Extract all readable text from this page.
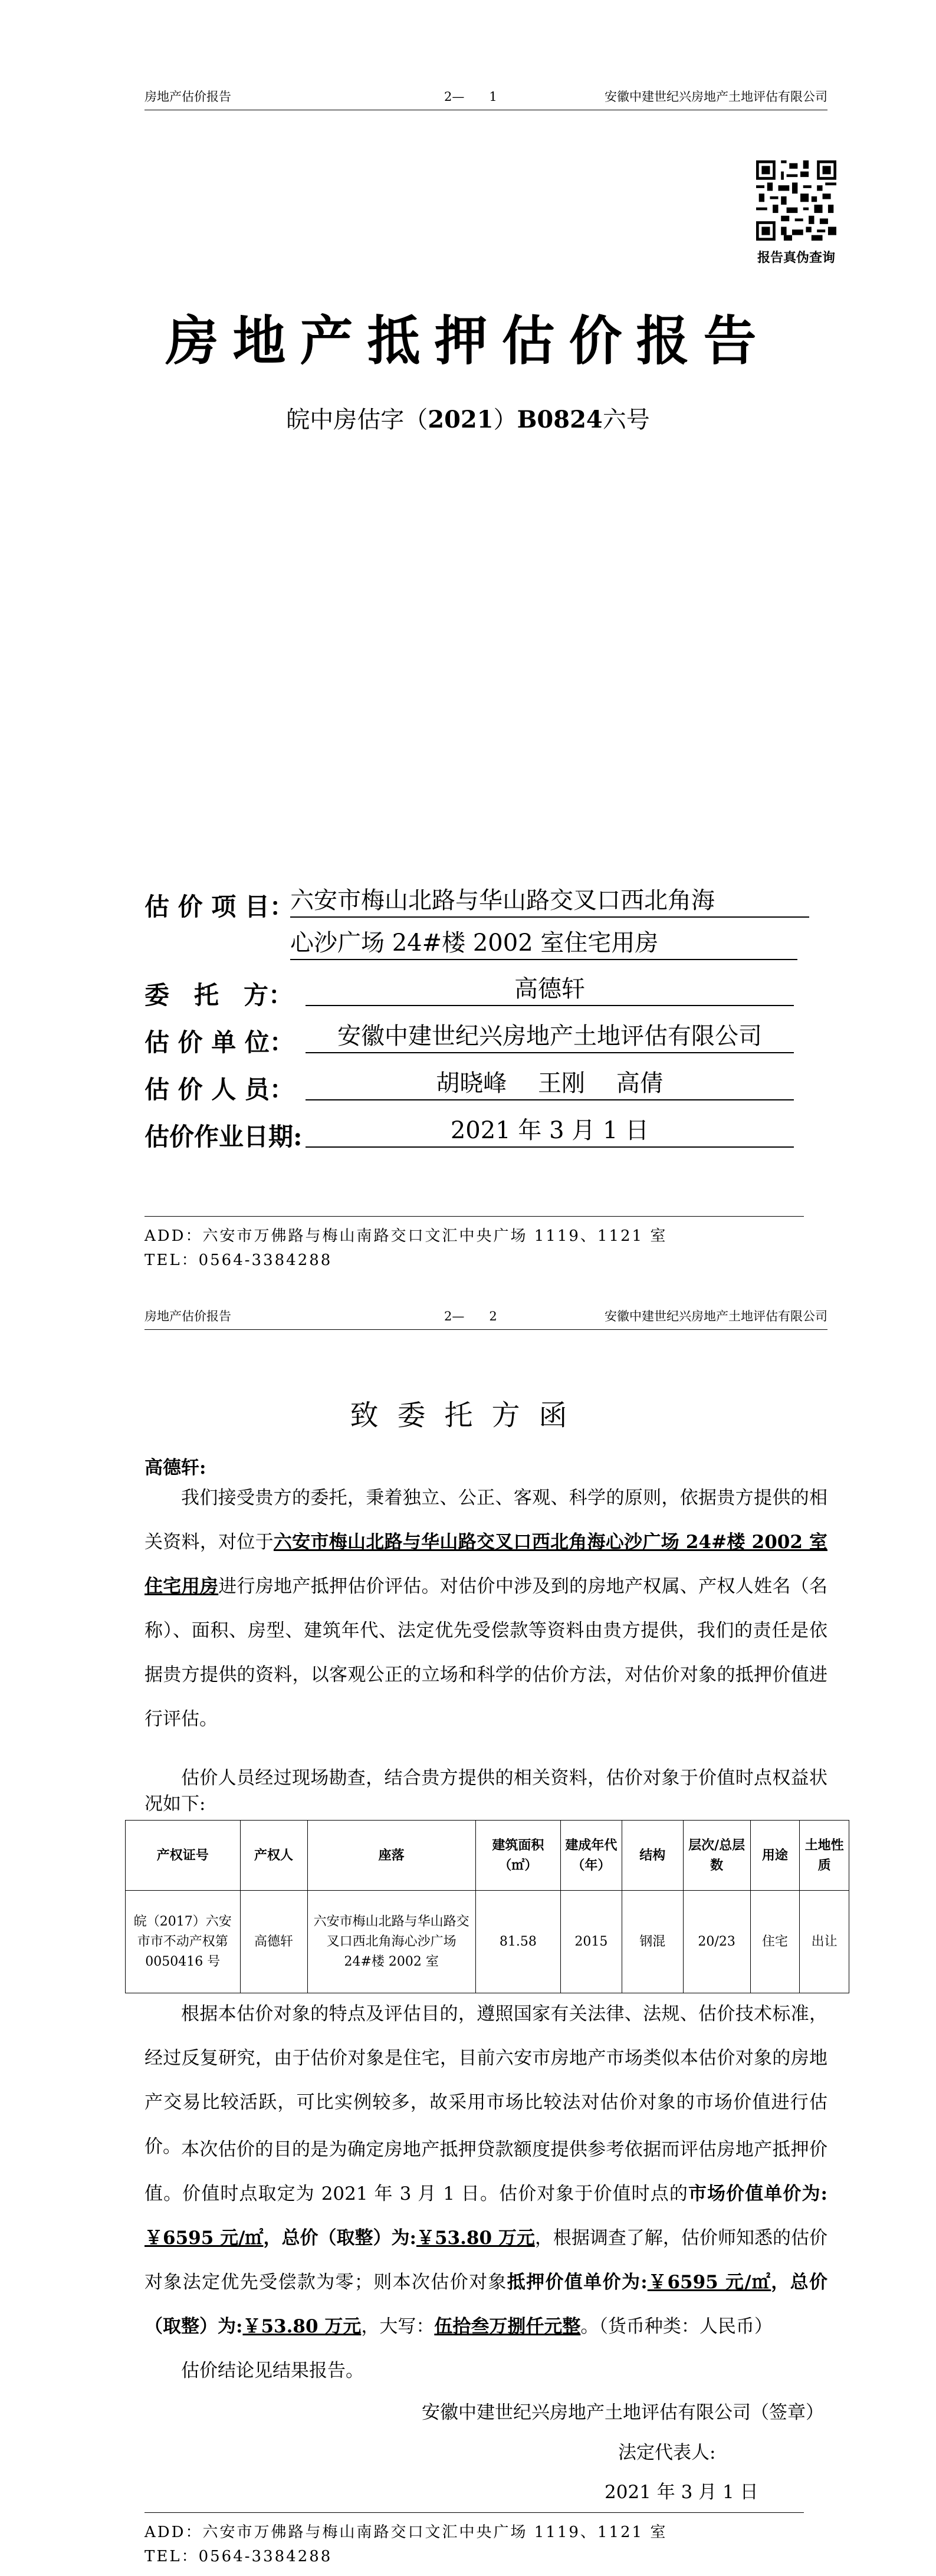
房地产估价报告	2—　　1	安徽中建世纪兴房地产土地评估有限公司
报告真伪查询
房地产抵押估价报告
皖中房估字（2021）B0824六号
估 价 项 目：
六安市梅山北路与华山路交叉口西北角海
心沙广场 24#楼 2002 室住宅用房
委　托　方：	高德轩
估 价 单 位：	安徽中建世纪兴房地产土地评估有限公司
估 价 人 员：	胡晓峰　 王刚　 高倩
估价作业日期:	2021 年 3 月 1 日
ADD：六安市万佛路与梅山南路交口文汇中央广场 1119、1121 室
TEL：0564-3384288
房地产估价报告	2—　　2	安徽中建世纪兴房地产土地评估有限公司
致委托方函
高德轩:
我们接受贵方的委托，秉着独立、公正、客观、科学的原则，依据贵方提供的相关资料，对位于六安市梅山北路与华山路交叉口西北角海心沙广场 24#楼 2002 室住宅用房进行房地产抵押估价评估。对估价中涉及到的房地产权属、产权人姓名（名称）、面积、房型、建筑年代、法定优先受偿款等资料由贵方提供，我们的责任是依据贵方提供的资料，以客观公正的立场和科学的估价方法，对估价对象的抵押价值进行评估。
估价人员经过现场勘查，结合贵方提供的相关资料，估价对象于价值时点权益状况如下:
产权证号	产权人	座落	建筑面积（㎡）	建成年代（年）	结构	层次/总层数	用途	土地性质
皖（2017）六安市市不动产权第 0050416 号	高德轩	六安市梅山北路与华山路交叉口西北角海心沙广场 24#楼 2002 室	81.58	2015	钢混	20/23	住宅	出让
根据本估价对象的特点及评估目的，遵照国家有关法律、法规、估价技术标准，经过反复研究，由于估价对象是住宅，目前六安市房地产市场类似本估价对象的房地产交易比较活跃，可比实例较多，故采用市场比较法对估价对象的市场价值进行估价。 本次估价的目的是为确定房地产抵押贷款额度提供参考依据而评估房地产抵押价值。价值时点取定为 2021 年 3 月 1 日。估价对象于价值时点的市场价值单价为:￥6595 元/㎡，总价（取整）为:￥53.80 万元，根据调查了解，估价师知悉的估价对象法定优先受偿款为零；则本次估价对象抵押价值单价为:￥6595 元/㎡，总价（取整）为:￥53.80 万元，大写：伍拾叁万捌仟元整。（货币种类：人民币）
估价结论见结果报告。
安徽中建世纪兴房地产土地评估有限公司（签章）
法定代表人:
2021 年 3 月 1 日
ADD：六安市万佛路与梅山南路交口文汇中央广场 1119、1121 室
TEL：0564-3384288
